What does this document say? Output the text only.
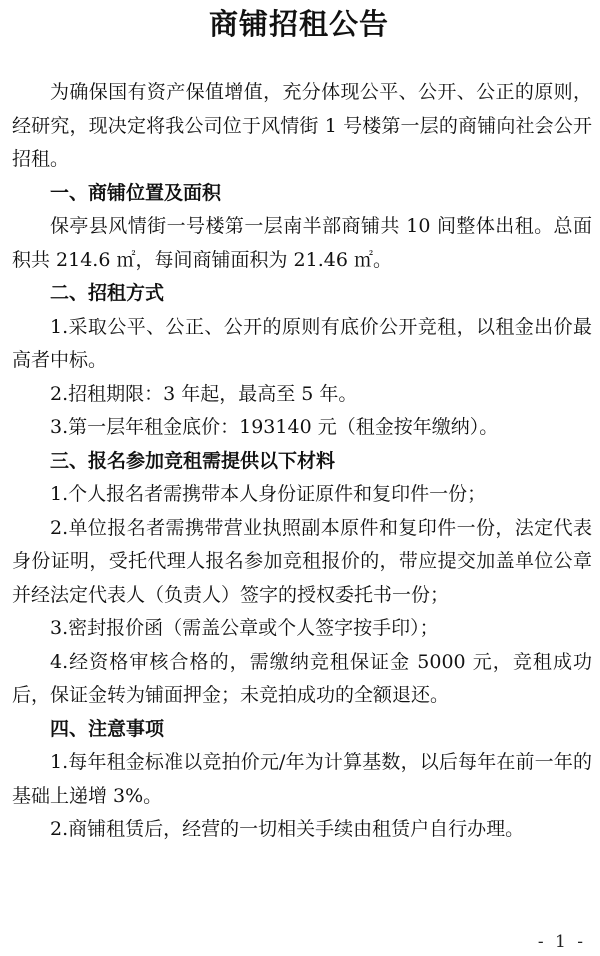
商铺招租公告

为确保国有资产保值增值，充分体现公平、公开、公正的原则，经研究，现决定将我公司位于风情街 1 号楼第一层的商铺向社会公开招租。

一、商铺位置及面积

保亭县风情街一号楼第一层南半部商铺共 10 间整体出租。总面积共 214.6 ㎡，每间商铺面积为 21.46 ㎡。

二、招租方式

1.采取公平、公正、公开的原则有底价公开竞租，以租金出价最高者中标。

2.招租期限：3 年起，最高至 5 年。

3.第一层年租金底价：193140 元（租金按年缴纳）。

三、报名参加竞租需提供以下材料

1.个人报名者需携带本人身份证原件和复印件一份；

2.单位报名者需携带营业执照副本原件和复印件一份，法定代表身份证明，受托代理人报名参加竞租报价的，带应提交加盖单位公章并经法定代表人（负责人）签字的授权委托书一份；

3.密封报价函（需盖公章或个人签字按手印）；

4.经资格审核合格的，需缴纳竞租保证金 5000 元，竞租成功后，保证金转为铺面押金；未竞拍成功的全额退还。

四、注意事项

1.每年租金标准以竞拍价元/年为计算基数，以后每年在前一年的基础上递增 3%。

2.商铺租赁后，经营的一切相关手续由租赁户自行办理。

- 1 -
